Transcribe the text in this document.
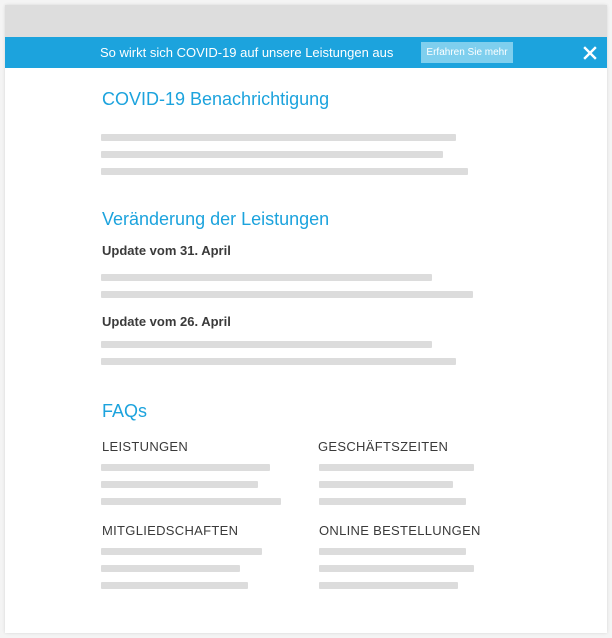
So wirkt sich COVID-19 auf unsere Leistungen aus	Erfahren Sie mehr
COVID-19 Benachrichtigung
Veränderung der Leistungen

Update vom 31. April

Update vom 26. April

FAQs

LEISTUNGEN	GESCHÄFTSZEITEN

MITGLIEDSCHAFTEN	ONLINE BESTELLUNGEN
